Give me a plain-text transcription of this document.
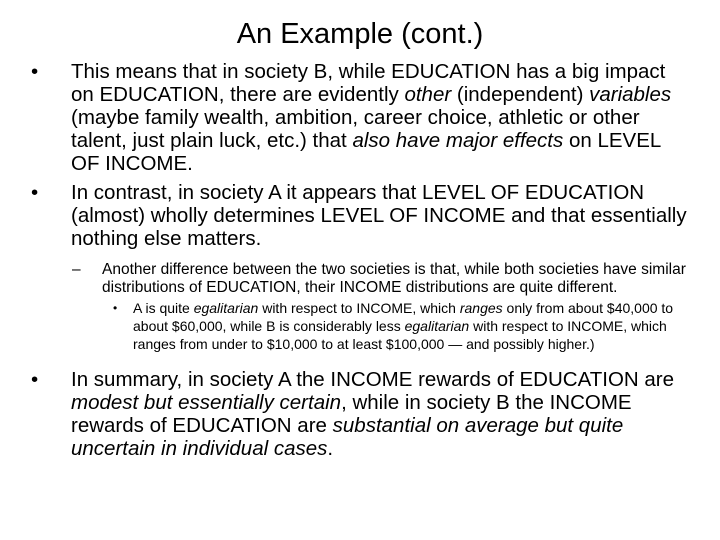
An Example (cont.)
• This means that in society B, while EDUCATION has a big impact on EDUCATION, there are evidently other (independent) variables (maybe family wealth, ambition, career choice, athletic or other talent, just plain luck, etc.) that also have major effects on LEVEL OF INCOME.
• In contrast, in society A it appears that LEVEL OF EDUCATION (almost) wholly determines LEVEL OF INCOME and that essentially nothing else matters.
– Another difference between the two societies is that, while both societies have similar distributions of EDUCATION, their INCOME distributions are quite different.
• A is quite egalitarian with respect to INCOME, which ranges only from about $40,000 to about $60,000, while B is considerably less egalitarian with respect to INCOME, which ranges from under to $10,000 to at least $100,000 — and possibly higher.)
• In summary, in society A the INCOME rewards of EDUCATION are modest but essentially certain, while in society B the INCOME rewards of EDUCATION are substantial on average but quite uncertain in individual cases.
